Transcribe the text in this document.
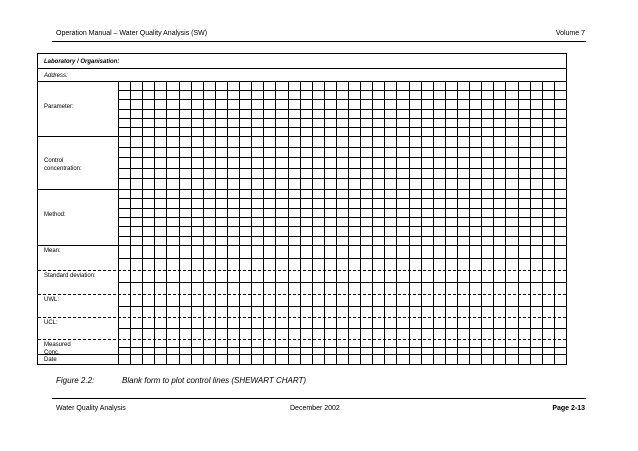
Operation Manual – Water Quality Analysis (SW)	Volume 7
Laboratory / Organisation:
Address:
Parameter:
Control
concentration:
Method:
Mean:
Standard deviation:
UWL:
UCL:
Measured
Conc.
Date
Figure 2.2:	Blank form to plot control lines (SHEWART CHART)
Water Quality Analysis	December 2002	Page 2-13
